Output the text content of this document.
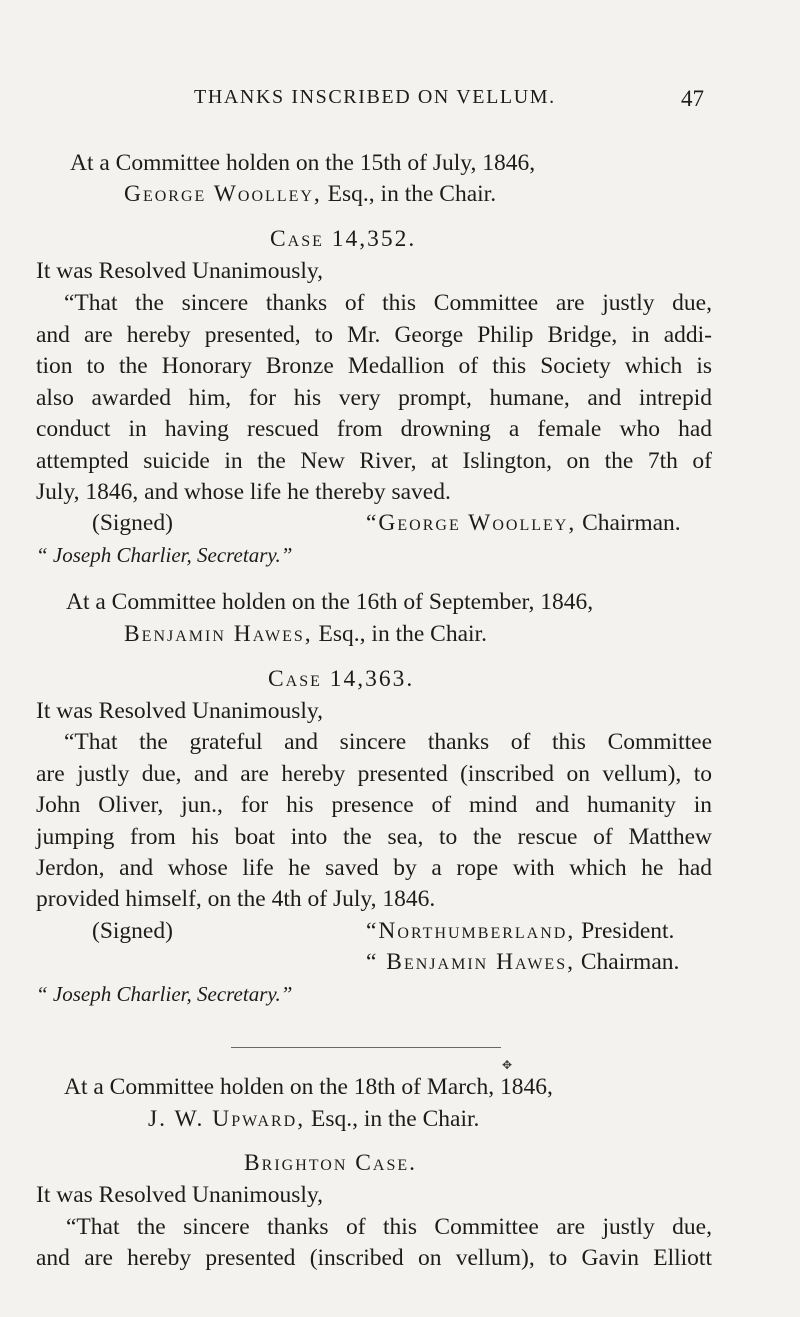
THANKS INSCRIBED ON VELLUM.	47
At a Committee holden on the 15th of July, 1846,
George Woolley, Esq., in the Chair.
Case 14,352.
It was Resolved Unanimously,
“That the sincere thanks of this Committee are justly due,
and are hereby presented, to Mr. George Philip Bridge, in addi-
tion to the Honorary Bronze Medallion of this Society which is
also awarded him, for his very prompt, humane, and intrepid
conduct in having rescued from drowning a female who had
attempted suicide in the New River, at Islington, on the 7th of
July, 1846, and whose life he thereby saved.
(Signed)	“George Woolley, Chairman.
“ Joseph Charlier, Secretary.”
At a Committee holden on the 16th of September, 1846,
Benjamin Hawes, Esq., in the Chair.
Case 14,363.
It was Resolved Unanimously,
“That the grateful and sincere thanks of this Committee
are justly due, and are hereby presented (inscribed on vellum), to
John Oliver, jun., for his presence of mind and humanity in
jumping from his boat into the sea, to the rescue of Matthew
Jerdon, and whose life he saved by a rope with which he had
provided himself, on the 4th of July, 1846.
(Signed)	“Northumberland, President.
“ Benjamin Hawes, Chairman.
“ Joseph Charlier, Secretary.”
✥
At a Committee holden on the 18th of March, 1846,
J. W. Upward, Esq., in the Chair.
Brighton Case.
It was Resolved Unanimously,
“That the sincere thanks of this Committee are justly due,
and are hereby presented (inscribed on vellum), to Gavin Elliott
